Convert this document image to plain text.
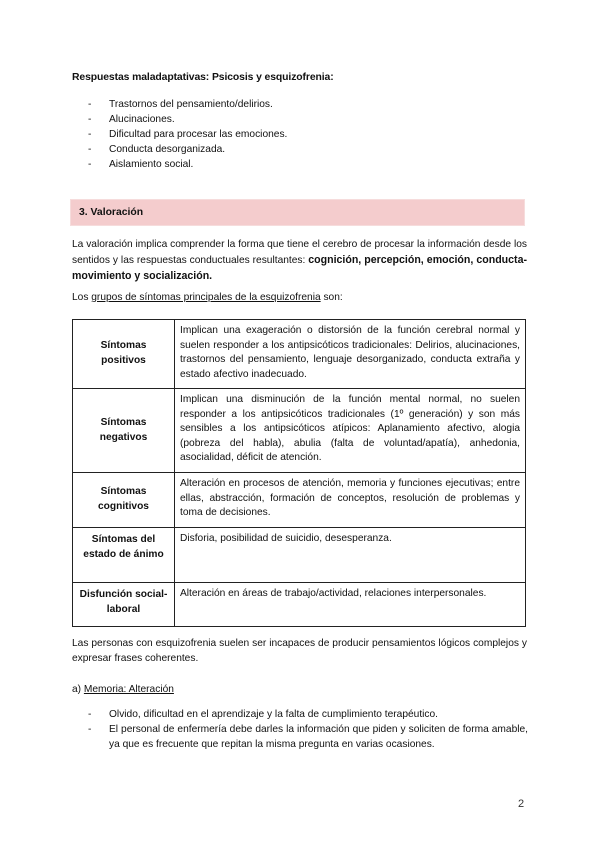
Respuestas maladaptativas: Psicosis y esquizofrenia:
- Trastornos del pensamiento/delirios.
- Alucinaciones.
- Dificultad para procesar las emociones.
- Conducta desorganizada.
- Aislamiento social.
3. Valoración
La valoración implica comprender la forma que tiene el cerebro de procesar la información desde los sentidos y las respuestas conductuales resultantes: cognición, percepción, emoción, conducta-movimiento y socialización.
Los grupos de síntomas principales de la esquizofrenia son:
Síntomas positivos	Implican una exageración o distorsión de la función cerebral normal y suelen responder a los antipsicóticos tradicionales: Delirios, alucinaciones, trastornos del pensamiento, lenguaje desorganizado, conducta extraña y estado afectivo inadecuado.
Síntomas negativos	Implican una disminución de la función mental normal, no suelen responder a los antipsicóticos tradicionales (1º generación) y son más sensibles a los antipsicóticos atípicos: Aplanamiento afectivo, alogia (pobreza del habla), abulia (falta de voluntad/apatía), anhedonia, asocialidad, déficit de atención.
Síntomas cognitivos	Alteración en procesos de atención, memoria y funciones ejecutivas; entre ellas, abstracción, formación de conceptos, resolución de problemas y toma de decisiones.
Síntomas del estado de ánimo	Disforia, posibilidad de suicidio, desesperanza.
Disfunción social-laboral	Alteración en áreas de trabajo/actividad, relaciones interpersonales.
Las personas con esquizofrenia suelen ser incapaces de producir pensamientos lógicos complejos y expresar frases coherentes.
a) Memoria: Alteración
- Olvido, dificultad en el aprendizaje y la falta de cumplimiento terapéutico.
- El personal de enfermería debe darles la información que piden y soliciten de forma amable, ya que es frecuente que repitan la misma pregunta en varias ocasiones.
2
